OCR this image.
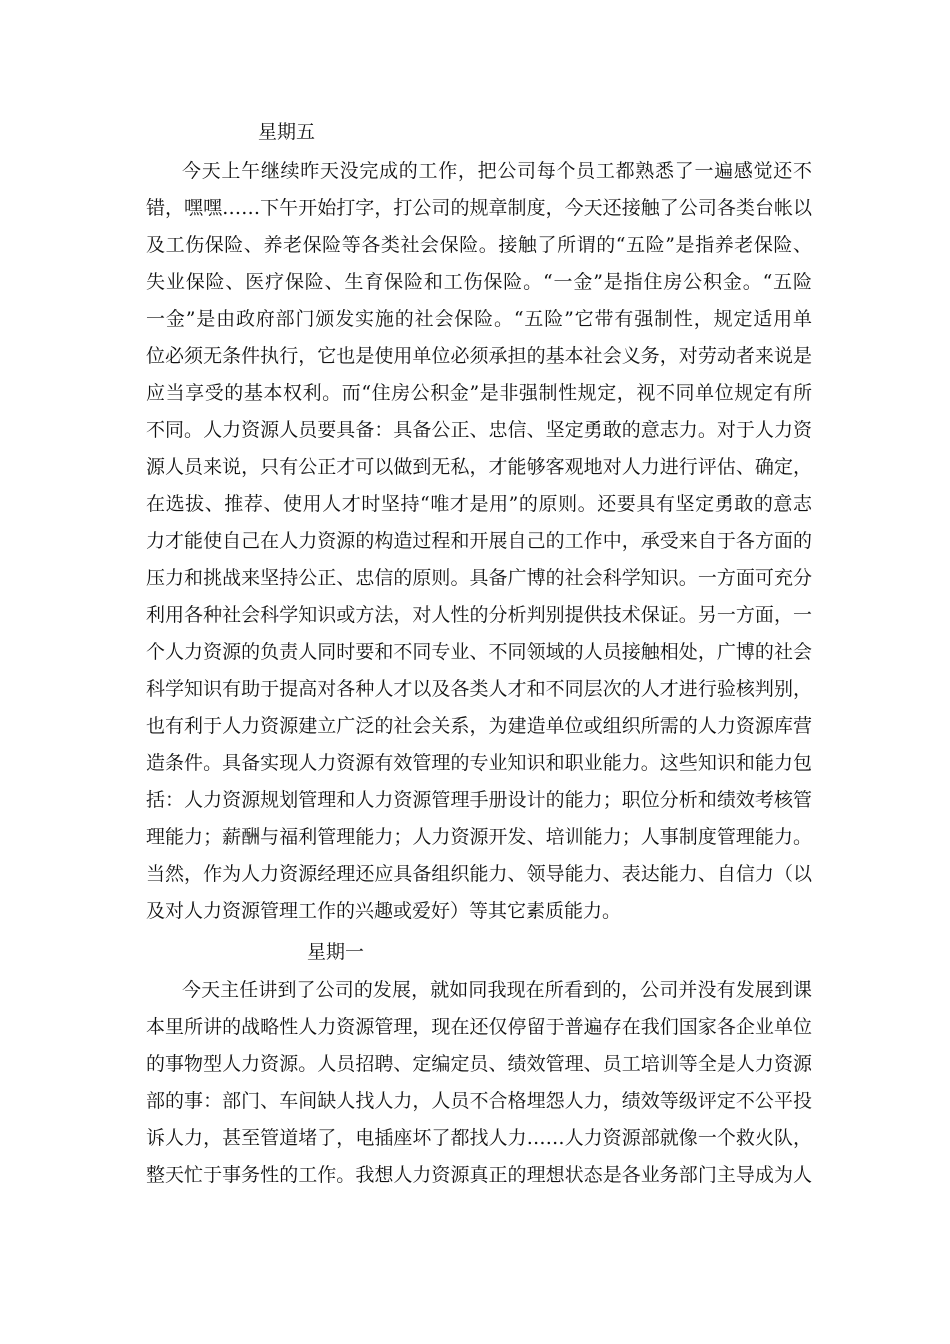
星期五
今天上午继续昨天没完成的工作，把公司每个员工都熟悉了一遍感觉还不
错，嘿嘿……下午开始打字，打公司的规章制度，今天还接触了公司各类台帐以
及工伤保险、养老保险等各类社会保险。接触了所谓的“五险”是指养老保险、
失业保险、医疗保险、生育保险和工伤保险。“一金”是指住房公积金。“五险
一金”是由政府部门颁发实施的社会保险。“五险”它带有强制性，规定适用单
位必须无条件执行，它也是使用单位必须承担的基本社会义务，对劳动者来说是
应当享受的基本权利。而“住房公积金”是非强制性规定，视不同单位规定有所
不同。人力资源人员要具备：具备公正、忠信、坚定勇敢的意志力。对于人力资
源人员来说，只有公正才可以做到无私，才能够客观地对人力进行评估、确定，
在选拔、推荐、使用人才时坚持“唯才是用”的原则。还要具有坚定勇敢的意志
力才能使自己在人力资源的构造过程和开展自己的工作中，承受来自于各方面的
压力和挑战来坚持公正、忠信的原则。具备广博的社会科学知识。一方面可充分
利用各种社会科学知识或方法，对人性的分析判别提供技术保证。另一方面，一
个人力资源的负责人同时要和不同专业、不同领域的人员接触相处，广博的社会
科学知识有助于提高对各种人才以及各类人才和不同层次的人才进行验核判别，
也有利于人力资源建立广泛的社会关系，为建造单位或组织所需的人力资源库营
造条件。具备实现人力资源有效管理的专业知识和职业能力。这些知识和能力包
括：人力资源规划管理和人力资源管理手册设计的能力；职位分析和绩效考核管
理能力；薪酬与福利管理能力；人力资源开发、培训能力；人事制度管理能力。
当然，作为人力资源经理还应具备组织能力、领导能力、表达能力、自信力（以
及对人力资源管理工作的兴趣或爱好）等其它素质能力。
星期一
今天主任讲到了公司的发展，就如同我现在所看到的，公司并没有发展到课
本里所讲的战略性人力资源管理，现在还仅停留于普遍存在我们国家各企业单位
的事物型人力资源。人员招聘、定编定员、绩效管理、员工培训等全是人力资源
部的事：部门、车间缺人找人力，人员不合格埋怨人力，绩效等级评定不公平投
诉人力，甚至管道堵了，电插座坏了都找人力……人力资源部就像一个救火队，
整天忙于事务性的工作。我想人力资源真正的理想状态是各业务部门主导成为人
